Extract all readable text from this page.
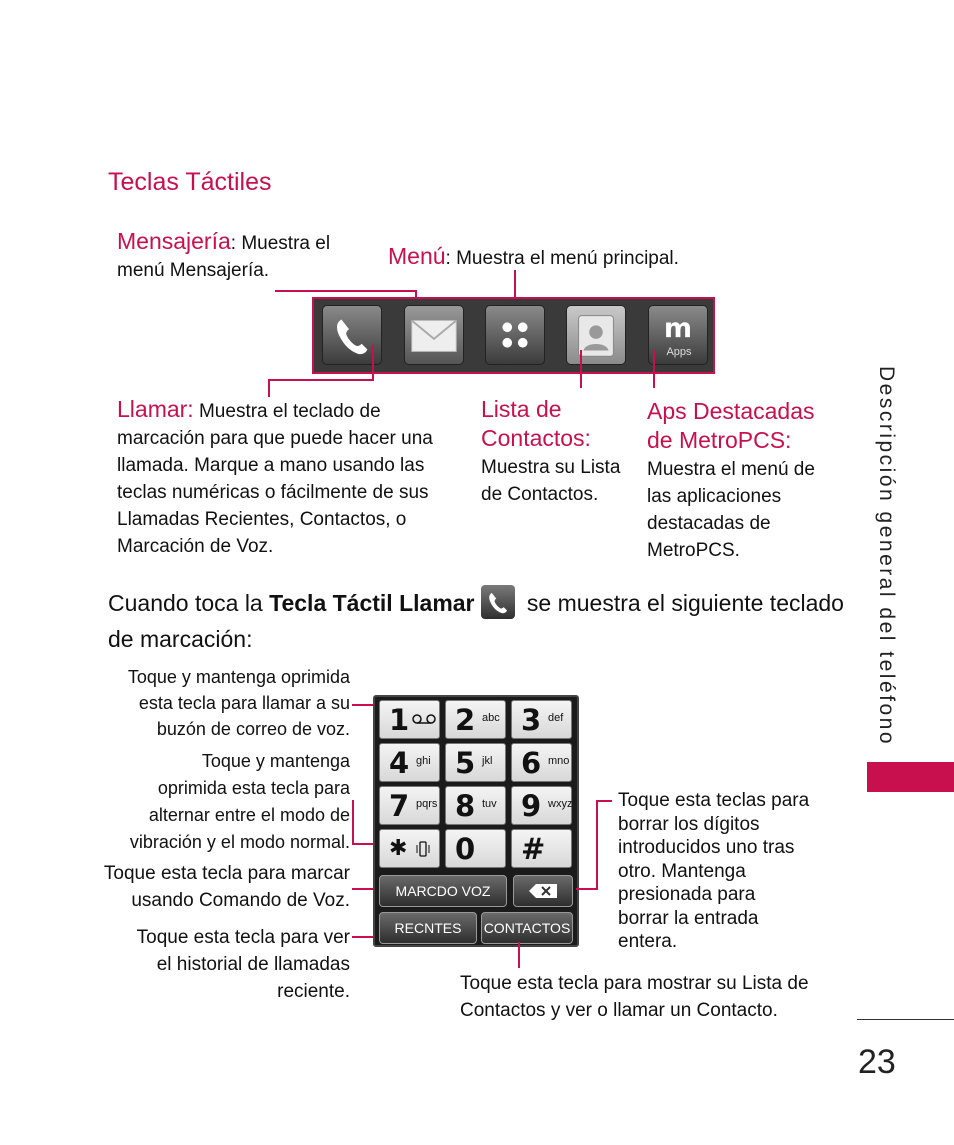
Teclas Táctiles
Mensajería: Muestra el
menú Mensajería.
Menú: Muestra el menú principal.
m
Apps
Llamar: Muestra el teclado de
marcación para que puede hacer una
llamada. Marque a mano usando las
teclas numéricas o fácilmente de sus
Llamadas Recientes, Contactos, o
Marcación de Voz.
Lista de
Contactos:
Muestra su Lista
de Contactos.
Aps Destacadas
de MetroPCS:
Muestra el menú de
las aplicaciones
destacadas de
MetroPCS.
Cuando toca la Tecla Táctil Llamar
se muestra el siguiente teclado
de marcación:
Toque y mantenga oprimida
esta tecla para llamar a su
buzón de correo de voz.
Toque y mantenga
oprimida esta tecla para
alternar entre el modo de
vibración y el modo normal.
Toque esta tecla para marcar
usando Comando de Voz.
Toque esta tecla para ver
el historial de llamadas
reciente.
1 2 abc 3 def
4 ghi 5 jkl 6 mno
7 pqrs 8 tuv 9 wxyz
✱ 0 #
MARCDO VOZ
RECNTES	CONTACTOS
Toque esta teclas para
borrar los dígitos
introducidos uno tras
otro. Mantenga
presionada para
borrar la entrada
entera.
Toque esta tecla para mostrar su Lista de
Contactos y ver o llamar un Contacto.
Descripción general del teléfono
23
